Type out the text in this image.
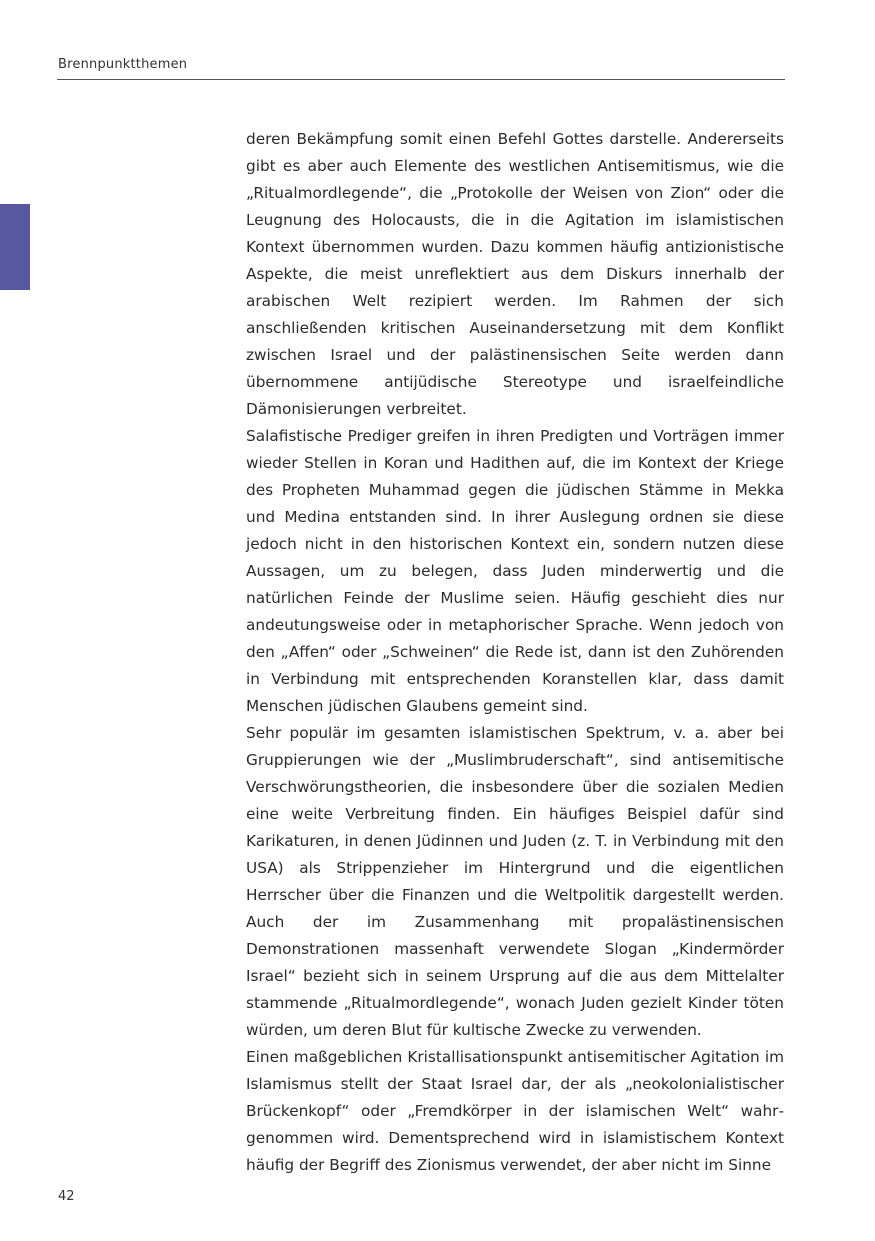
Brennpunktthemen

deren Bekämpfung somit einen Befehl Gottes darstelle. Andererseits gibt es aber auch Elemente des westlichen Antisemitismus, wie die „Ritualmordlegende“, die „Protokolle der Weisen von Zion“ oder die Leugnung des Holocausts, die in die Agitation im islamistischen Kontext übernommen wurden. Dazu kommen häufig antizionistische Aspekte, die meist unreflektiert aus dem Diskurs innerhalb der arabischen Welt rezipiert werden. Im Rahmen der sich anschließenden kritischen Auseinandersetzung mit dem Konflikt zwischen Israel und der palästinensischen Seite werden dann übernommene antijüdische Stereotype und israelfeindliche Dämonisierungen verbreitet.

Salafistische Prediger greifen in ihren Predigten und Vorträgen immer wieder Stellen in Koran und Hadithen auf, die im Kontext der Kriege des Propheten Muhammad gegen die jüdischen Stämme in Mekka und Medina entstanden sind. In ihrer Auslegung ordnen sie diese jedoch nicht in den historischen Kontext ein, sondern nutzen diese Aussagen, um zu belegen, dass Juden minderwertig und die natürlichen Feinde der Muslime seien. Häufig geschieht dies nur andeutungsweise oder in metaphorischer Sprache. Wenn jedoch von den „Affen“ oder „Schweinen“ die Rede ist, dann ist den Zuhörenden in Verbindung mit entsprechenden Koranstellen klar, dass damit Menschen jüdischen Glaubens gemeint sind.

Sehr populär im gesamten islamistischen Spektrum, v. a. aber bei Gruppierungen wie der „Muslimbruderschaft“, sind antisemitische Verschwörungstheorien, die insbesondere über die sozialen Medien eine weite Verbreitung finden. Ein häufiges Beispiel dafür sind Karikaturen, in denen Jüdinnen und Juden (z. T. in Verbindung mit den USA) als Strippenzieher im Hintergrund und die eigentlichen Herrscher über die Finanzen und die Weltpolitik dargestellt werden. Auch der im Zusammenhang mit propalästinensischen Demonstrationen massenhaft verwendete Slogan „Kindermörder Israel“ bezieht sich in seinem Ursprung auf die aus dem Mittelalter stammende „Ritualmordlegende“, wonach Juden gezielt Kinder töten würden, um deren Blut für kultische Zwecke zu verwenden.

Einen maßgeblichen Kristallisationspunkt antisemitischer Agitation im Islamismus stellt der Staat Israel dar, der als „neokolonialistischer Brückenkopf“ oder „Fremdkörper in der islamischen Welt“ wahrgenommen wird. Dementsprechend wird in islamistischem Kontext häufig der Begriff des Zionismus verwendet, der aber nicht im Sinne

42
